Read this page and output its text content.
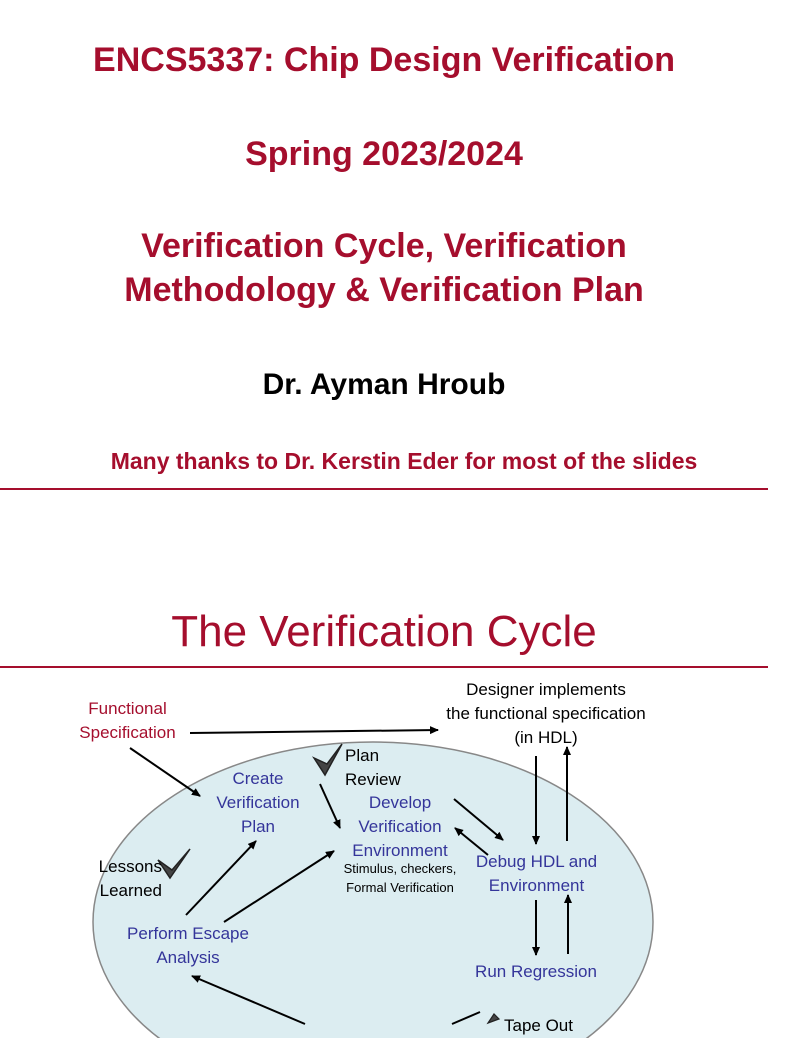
ENCS5337: Chip Design Verification
Spring 2023/2024
Verification Cycle, Verification
Methodology & Verification Plan
Dr. Ayman Hroub
Many thanks to Dr. Kerstin Eder for most of the slides
The Verification Cycle
Functional
Specification
Designer implements
the functional specification
(in HDL)
Plan
Review
Create
Verification
Plan
Develop
Verification
Environment
Stimulus, checkers,
Formal Verification
Debug HDL and
Environment
Lessons
Learned
Perform Escape
Analysis
Run Regression
Tape Out
